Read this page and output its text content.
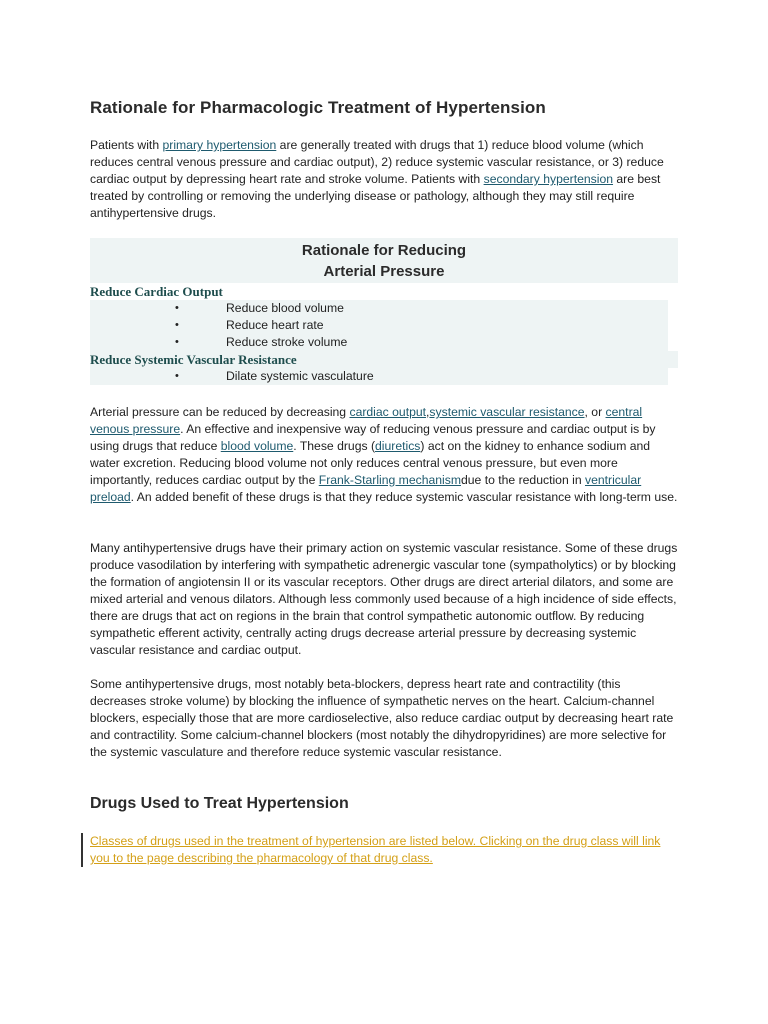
Rationale for Pharmacologic Treatment of Hypertension

Patients with primary hypertension are generally treated with drugs that 1) reduce blood volume (which reduces central venous pressure and cardiac output), 2) reduce systemic vascular resistance, or 3) reduce cardiac output by depressing heart rate and stroke volume. Patients with secondary hypertension are best treated by controlling or removing the underlying disease or pathology, although they may still require antihypertensive drugs.

Rationale for Reducing
Arterial Pressure
Reduce Cardiac Output
•	Reduce blood volume
•	Reduce heart rate
•	Reduce stroke volume
Reduce Systemic Vascular Resistance
•	Dilate systemic vasculature

Arterial pressure can be reduced by decreasing cardiac output,systemic vascular resistance, or central venous pressure. An effective and inexpensive way of reducing venous pressure and cardiac output is by using drugs that reduce blood volume. These drugs (diuretics) act on the kidney to enhance sodium and water excretion. Reducing blood volume not only reduces central venous pressure, but even more importantly, reduces cardiac output by the Frank-Starling mechanismdue to the reduction in ventricular preload. An added benefit of these drugs is that they reduce systemic vascular resistance with long-term use.

Many antihypertensive drugs have their primary action on systemic vascular resistance. Some of these drugs produce vasodilation by interfering with sympathetic adrenergic vascular tone (sympatholytics) or by blocking the formation of angiotensin II or its vascular receptors. Other drugs are direct arterial dilators, and some are mixed arterial and venous dilators. Although less commonly used because of a high incidence of side effects, there are drugs that act on regions in the brain that control sympathetic autonomic outflow. By reducing sympathetic efferent activity, centrally acting drugs decrease arterial pressure by decreasing systemic vascular resistance and cardiac output.

Some antihypertensive drugs, most notably beta-blockers, depress heart rate and contractility (this decreases stroke volume) by blocking the influence of sympathetic nerves on the heart. Calcium-channel blockers, especially those that are more cardioselective, also reduce cardiac output by decreasing heart rate and contractility. Some calcium-channel blockers (most notably the dihydropyridines) are more selective for the systemic vasculature and therefore reduce systemic vascular resistance.

Drugs Used to Treat Hypertension
Classes of drugs used in the treatment of hypertension are listed below. Clicking on the drug class will link you to the page describing the pharmacology of that drug class.
